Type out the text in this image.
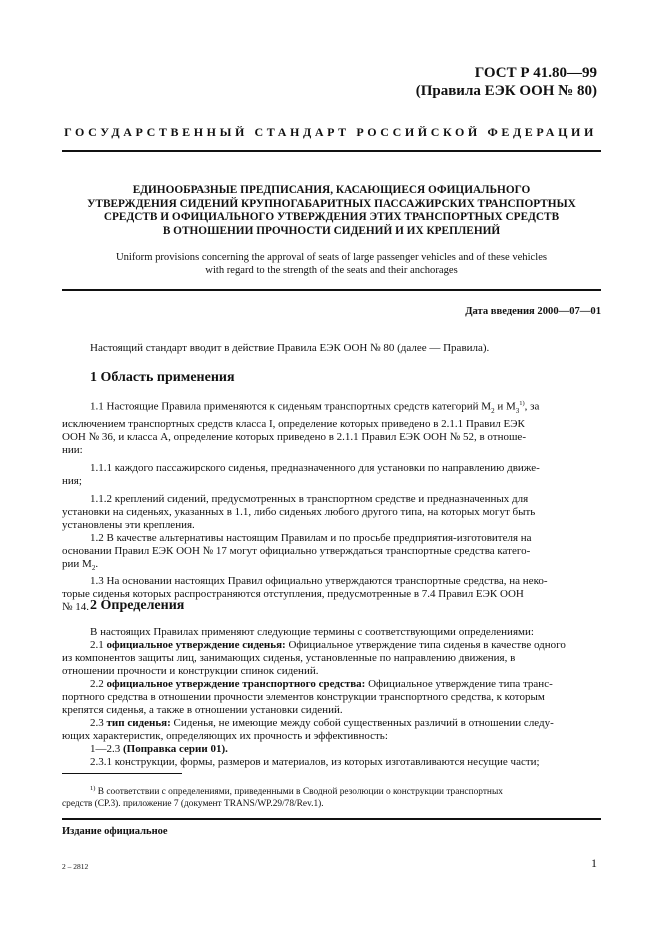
ГОСТ Р 41.80—99
(Правила ЕЭК ООН № 80)
ГОСУДАРСТВЕННЫЙ СТАНДАРТ РОССИЙСКОЙ ФЕДЕРАЦИИ
ЕДИНООБРАЗНЫЕ ПРЕДПИСАНИЯ, КАСАЮЩИЕСЯ ОФИЦИАЛЬНОГО
УТВЕРЖДЕНИЯ СИДЕНИЙ КРУПНОГАБАРИТНЫХ ПАССАЖИРСКИХ ТРАНСПОРТНЫХ
СРЕДСТВ И ОФИЦИАЛЬНОГО УТВЕРЖДЕНИЯ ЭТИХ ТРАНСПОРТНЫХ СРЕДСТВ
В ОТНОШЕНИИ ПРОЧНОСТИ СИДЕНИЙ И ИХ КРЕПЛЕНИЙ
Uniform provisions concerning the approval of seats of large passenger vehicles and of these vehicles
with regard to the strength of the seats and their anchorages
Дата введения 2000—07—01
Настоящий стандарт вводит в действие Правила ЕЭК ООН № 80 (далее — Правила).
1 Область применения
1.1 Настоящие Правила применяются к сиденьям транспортных средств категорий $M_2$ и $M_3^{1)}$, за
исключением транспортных средств класса I, определение которых приведено в 2.1.1 Правил ЕЭК
ООН № 36, и класса А, определение которых приведено в 2.1.1 Правил ЕЭК ООН № 52, в отноше-
нии:
1.1.1 каждого пассажирского сиденья, предназначенного для установки по направлению движе-
ния;
1.1.2 креплений сидений, предусмотренных в транспортном средстве и предназначенных для
установки на сиденьях, указанных в 1.1, либо сиденьях любого другого типа, на которых могут быть
установлены эти крепления.
1.2 В качестве альтернативы настоящим Правилам и по просьбе предприятия-изготовителя на
основании Правил ЕЭК ООН № 17 могут официально утверждаться транспортные средства катего-
рии $M_2$.
1.3 На основании настоящих Правил официально утверждаются транспортные средства, на неко-
торые сиденья которых распространяются отступления, предусмотренные в 7.4 Правил ЕЭК ООН
№ 14. 2 Определения
В настоящих Правилах применяют следующие термины с соответствующими определениями:
2.1 официальное утверждение сиденья: Официальное утверждение типа сиденья в качестве одного
из компонентов защиты лиц, занимающих сиденья, установленные по направлению движения, в
отношении прочности и конструкции спинок сидений.
2.2 официальное утверждение транспортного средства: Официальное утверждение типа транс-
портного средства в отношении прочности элементов конструкции транспортного средства, к которым
крепятся сиденья, а также в отношении установки сидений.
2.3 тип сиденья: Сиденья, не имеющие между собой существенных различий в отношении следу-
ющих характеристик, определяющих их прочность и эффективность:
1—2.3 (Поправка серии 01).
2.3.1 конструкции, формы, размеров и материалов, из которых изготавливаются несущие части;
$^{1)}$ В соответствии с определениями, приведенными в Сводной резолюции о конструкции транспортных
средств (СР.3). приложение 7 (документ TRANS/WP.29/78/Rev.1).
Издание официальное
2 – 2812	1
